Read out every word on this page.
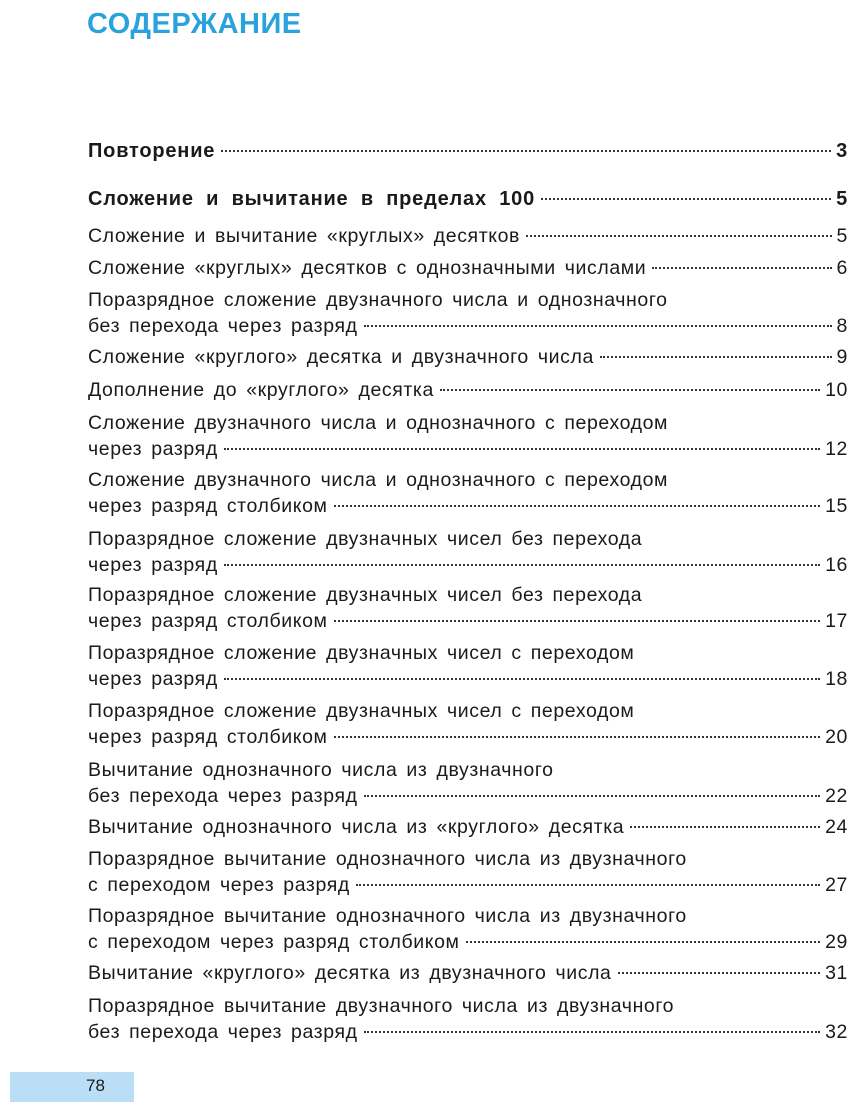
СОДЕРЖАНИЕ
Повторение	3
Сложение и вычитание в пределах 100	5
Сложение и вычитание «круглых» десятков	5
Сложение «круглых» десятков с однозначными числами	6
Поразрядное сложение двузначного числа и однозначного
без перехода через разряд	8
Сложение «круглого» десятка и двузначного числа	9
Дополнение до «круглого» десятка	10
Сложение двузначного числа и однозначного с переходом
через разряд	12
Сложение двузначного числа и однозначного с переходом
через разряд столбиком	15
Поразрядное сложение двузначных чисел без перехода
через разряд	16
Поразрядное сложение двузначных чисел без перехода
через разряд столбиком	17
Поразрядное сложение двузначных чисел с переходом
через разряд	18
Поразрядное сложение двузначных чисел с переходом
через разряд столбиком	20
Вычитание однозначного числа из двузначного
без перехода через разряд	22
Вычитание однозначного числа из «круглого» десятка	24
Поразрядное вычитание однозначного числа из двузначного
с переходом через разряд	27
Поразрядное вычитание однозначного числа из двузначного
с переходом через разряд столбиком	29
Вычитание «круглого» десятка из двузначного числа	31
Поразрядное вычитание двузначного числа из двузначного
без перехода через разряд	32
78
